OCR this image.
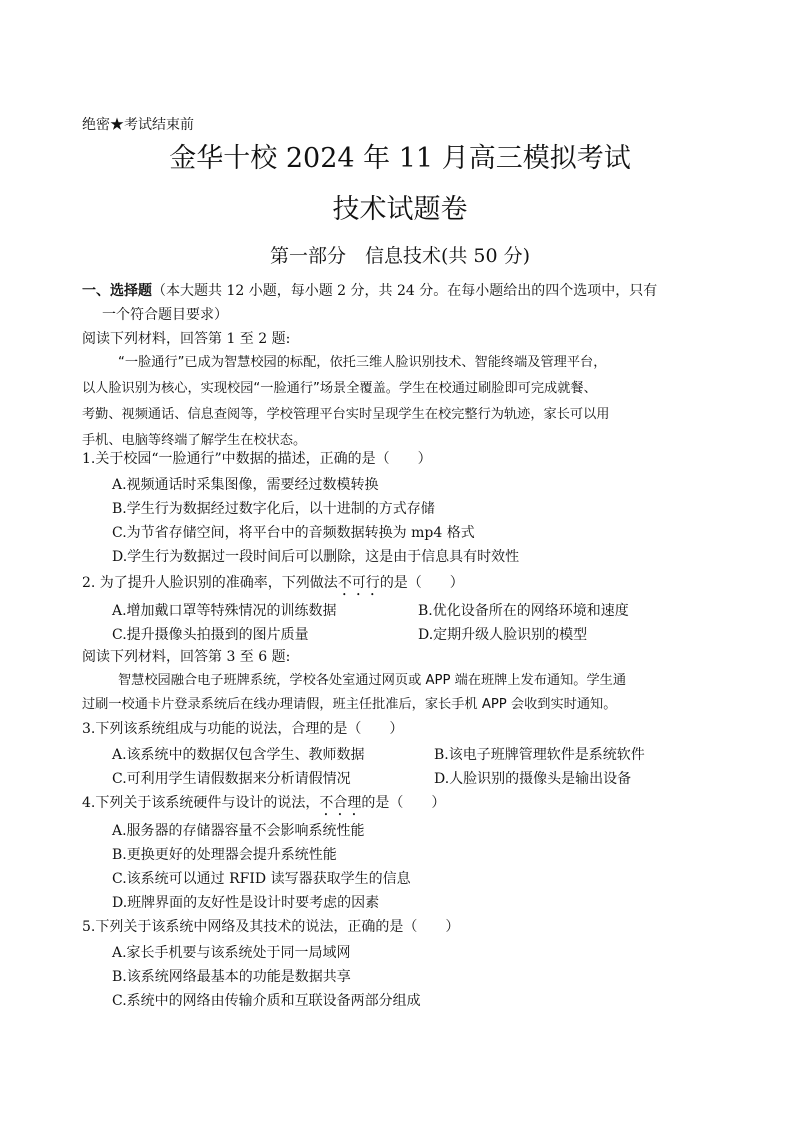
绝密★考试结束前
金华十校 2024 年 11 月高三模拟考试
技术试题卷
第一部分　信息技术(共 50 分)
一、选择题（本大题共 12 小题，每小题 2 分，共 24 分。在每小题给出的四个选项中，只有
一个符合题目要求）
阅读下列材料，回答第 1 至 2 题:
“一脸通行”已成为智慧校园的标配，依托三维人脸识别技术、智能终端及管理平台，
以人脸识别为核心，实现校园“一脸通行”场景全覆盖。学生在校通过刷脸即可完成就餐、
考勤、视频通话、信息查阅等，学校管理平台实时呈现学生在校完整行为轨迹，家长可以用
手机、电脑等终端了解学生在校状态。
1.关于校园“一脸通行”中数据的描述，正确的是（　　）
A.视频通话时采集图像，需要经过数模转换
B.学生行为数据经过数字化后，以十进制的方式存储
C.为节省存储空间，将平台中的音频数据转换为 mp4 格式
D.学生行为数据过一段时间后可以删除，这是由于信息具有时效性
2. 为了提升人脸识别的准确率，下列做法不可行的是（　　）
A.增加戴口罩等特殊情况的训练数据	B.优化设备所在的网络环境和速度
C.提升摄像头拍摄到的图片质量	D.定期升级人脸识别的模型
阅读下列材料，回答第 3 至 6 题:
智慧校园融合电子班牌系统，学校各处室通过网页或 APP 端在班牌上发布通知。学生通
过刷一校通卡片登录系统后在线办理请假，班主任批准后，家长手机 APP 会收到实时通知。
3.下列该系统组成与功能的说法，合理的是（　　）
A.该系统中的数据仅包含学生、教师数据	B.该电子班牌管理软件是系统软件
C.可利用学生请假数据来分析请假情况	D.人脸识别的摄像头是输出设备
4.下列关于该系统硬件与设计的说法，不合理的是（　　）
A.服务器的存储器容量不会影响系统性能
B.更换更好的处理器会提升系统性能
C.该系统可以通过 RFID 读写器获取学生的信息
D.班牌界面的友好性是设计时要考虑的因素
5.下列关于该系统中网络及其技术的说法，正确的是（　　）
A.家长手机要与该系统处于同一局域网
B.该系统网络最基本的功能是数据共享
C.系统中的网络由传输介质和互联设备两部分组成
